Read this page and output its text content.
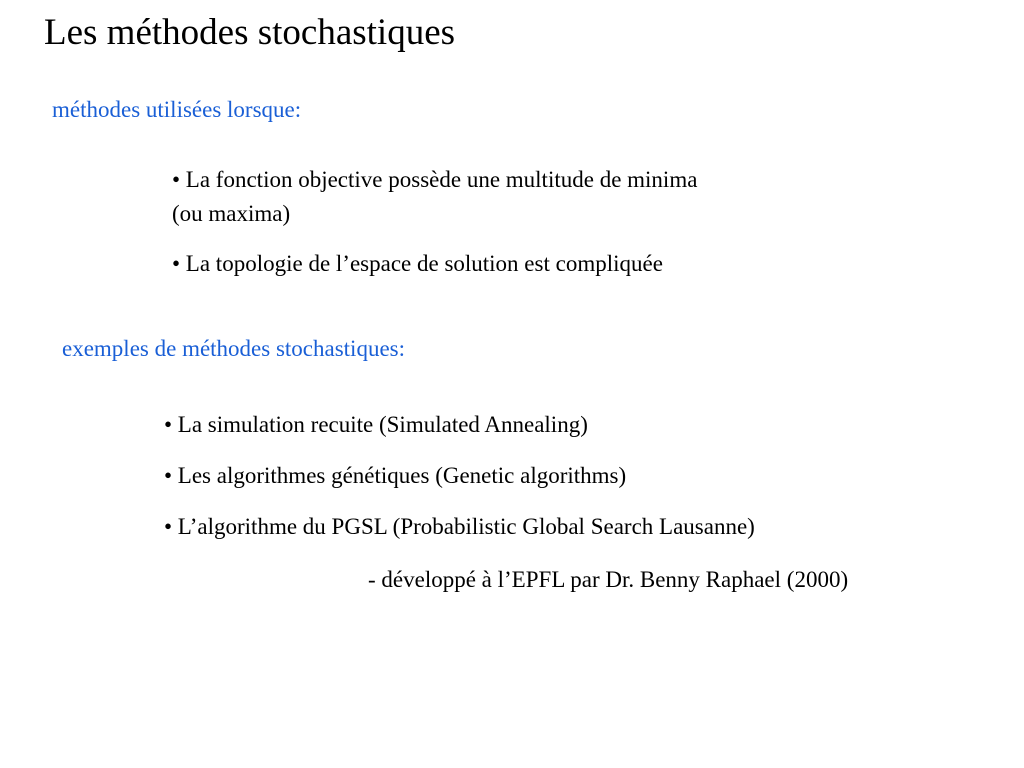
Les méthodes stochastiques
méthodes utilisées lorsque:
• La fonction objective possède une multitude de minima
(ou maxima)
• La topologie de l’espace de solution est compliquée
exemples de méthodes stochastiques:
• La simulation recuite (Simulated Annealing)
• Les algorithmes génétiques (Genetic algorithms)
• L’algorithme du PGSL (Probabilistic Global Search Lausanne)
- développé à l’EPFL par Dr. Benny Raphael (2000)
